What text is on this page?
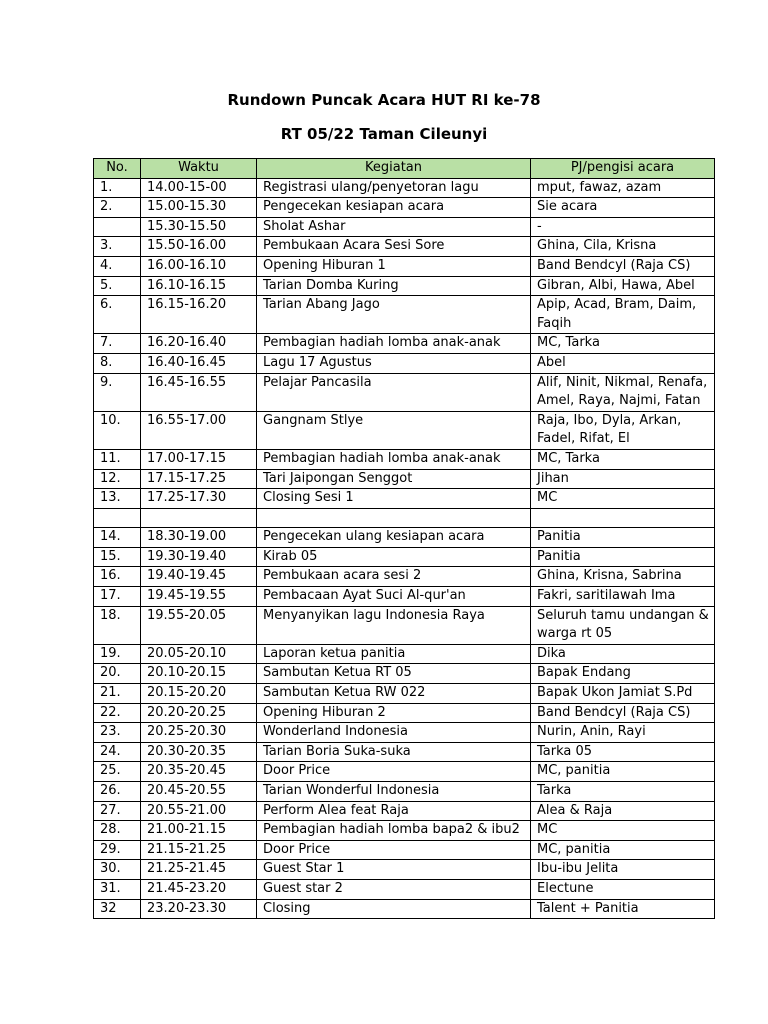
Rundown Puncak Acara HUT RI ke-78
RT 05/22 Taman Cileunyi
No.	Waktu	Kegiatan	PJ/pengisi acara
1.	14.00-15-00	Registrasi ulang/penyetoran lagu	mput, fawaz, azam
2.	15.00-15.30	Pengecekan kesiapan acara	Sie acara
	15.30-15.50	Sholat Ashar	-
3.	15.50-16.00	Pembukaan Acara Sesi Sore	Ghina, Cila, Krisna
4.	16.00-16.10	Opening Hiburan 1	Band Bendcyl (Raja CS)
5.	16.10-16.15	Tarian Domba Kuring	Gibran, Albi, Hawa, Abel
6.	16.15-16.20	Tarian Abang Jago	Apip, Acad, Bram, Daim, Faqih
7.	16.20-16.40	Pembagian hadiah lomba anak-anak	MC, Tarka
8.	16.40-16.45	Lagu 17 Agustus	Abel
9.	16.45-16.55	Pelajar Pancasila	Alif, Ninit, Nikmal, Renafa, Amel, Raya, Najmi, Fatan
10.	16.55-17.00	Gangnam Stlye	Raja, Ibo, Dyla, Arkan, Fadel, Rifat, El
11.	17.00-17.15	Pembagian hadiah lomba anak-anak	MC, Tarka
12.	17.15-17.25	Tari Jaipongan Senggot	Jihan
13.	17.25-17.30	Closing Sesi 1	MC

14.	18.30-19.00	Pengecekan ulang kesiapan acara	Panitia
15.	19.30-19.40	Kirab 05	Panitia
16.	19.40-19.45	Pembukaan acara sesi 2	Ghina, Krisna, Sabrina
17.	19.45-19.55	Pembacaan Ayat Suci Al-qur'an	Fakri, saritilawah Ima
18.	19.55-20.05	Menyanyikan lagu Indonesia Raya	Seluruh tamu undangan & warga rt 05
19.	20.05-20.10	Laporan ketua panitia	Dika
20.	20.10-20.15	Sambutan Ketua RT 05	Bapak Endang
21.	20.15-20.20	Sambutan Ketua RW 022	Bapak Ukon Jamiat S.Pd
22.	20.20-20.25	Opening Hiburan 2	Band Bendcyl (Raja CS)
23.	20.25-20.30	Wonderland Indonesia	Nurin, Anin, Rayi
24.	20.30-20.35	Tarian Boria Suka-suka	Tarka 05
25.	20.35-20.45	Door Price	MC, panitia
26.	20.45-20.55	Tarian Wonderful Indonesia	Tarka
27.	20.55-21.00	Perform Alea feat Raja	Alea & Raja
28.	21.00-21.15	Pembagian hadiah lomba bapa2 & ibu2	MC
29.	21.15-21.25	Door Price	MC, panitia
30.	21.25-21.45	Guest Star 1	Ibu-ibu Jelita
31.	21.45-23.20	Guest star 2	Electune
32	23.20-23.30	Closing	Talent + Panitia
